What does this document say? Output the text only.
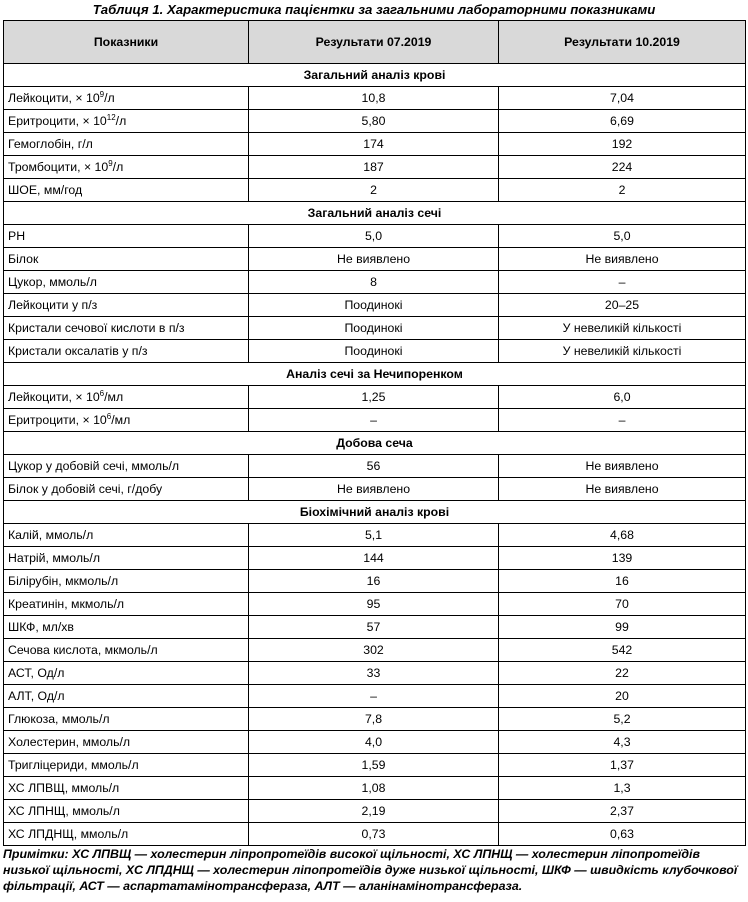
Таблиця 1. Характеристика пацієнтки за загальними лабораторними показниками
Показники	Результати 07.2019	Результати 10.2019
Загальний аналіз крові		
Лейкоцити, × $10^9/л$	10,8	7,04
Еритроцити, × $10^{12}/л$	5,80	6,69
Гемоглобін, г/л	174	192
Тромбоцити, × $10^9/л$	187	224
ШОЕ, мм/год	2	2
Загальний аналіз сечі		
PH	5,0	5,0
Білок	Не виявлено	Не виявлено
Цукор, ммоль/л	8	–
Лейкоцити у п/з	Поодинокі	20–25
Кристали сечової кислоти в п/з	Поодинокі	У невеликій кількості
Кристали оксалатів у п/з	Поодинокі	У невеликій кількості
Аналіз сечі за Нечипоренком		
Лейкоцити, × $10^6/мл$	1,25	6,0
Еритроцити, × $10^6/мл$	–	–
Добова сеча		
Цукор у добовій сечі, ммоль/л	56	Не виявлено
Білок у добовій сечі, г/добу	Не виявлено	Не виявлено
Біохімічний аналіз крові		
Калій, ммоль/л	5,1	4,68
Натрій, ммоль/л	144	139
Білірубін, мкмоль/л	16	16
Креатинін, мкмоль/л	95	70
ШКФ, мл/хв	57	99
Сечова кислота, мкмоль/л	302	542
АСТ, Од/л	33	22
АЛТ, Од/л	–	20
Глюкоза, ммоль/л	7,8	5,2
Холестерин, ммоль/л	4,0	4,3
Тригліцериди, ммоль/л	1,59	1,37
ХС ЛПВЩ, ммоль/л	1,08	1,3
ХС ЛПНЩ, ммоль/л	2,19	2,37
ХС ЛПДНЩ, ммоль/л	0,73	0,63
Примітки: ХС ЛПВЩ — холестерин ліпропротеїдів високої щільності, ХС ЛПНЩ — холестерин ліпопротеїдів низької щільності, ХС ЛПДНЩ — холестерин ліпопротеїдів дуже низької щільності, ШКФ — швидкість клубочкової фільтрації, АСТ — аспартатамінотрансфераза, АЛТ — аланінамінотрансфераза.
